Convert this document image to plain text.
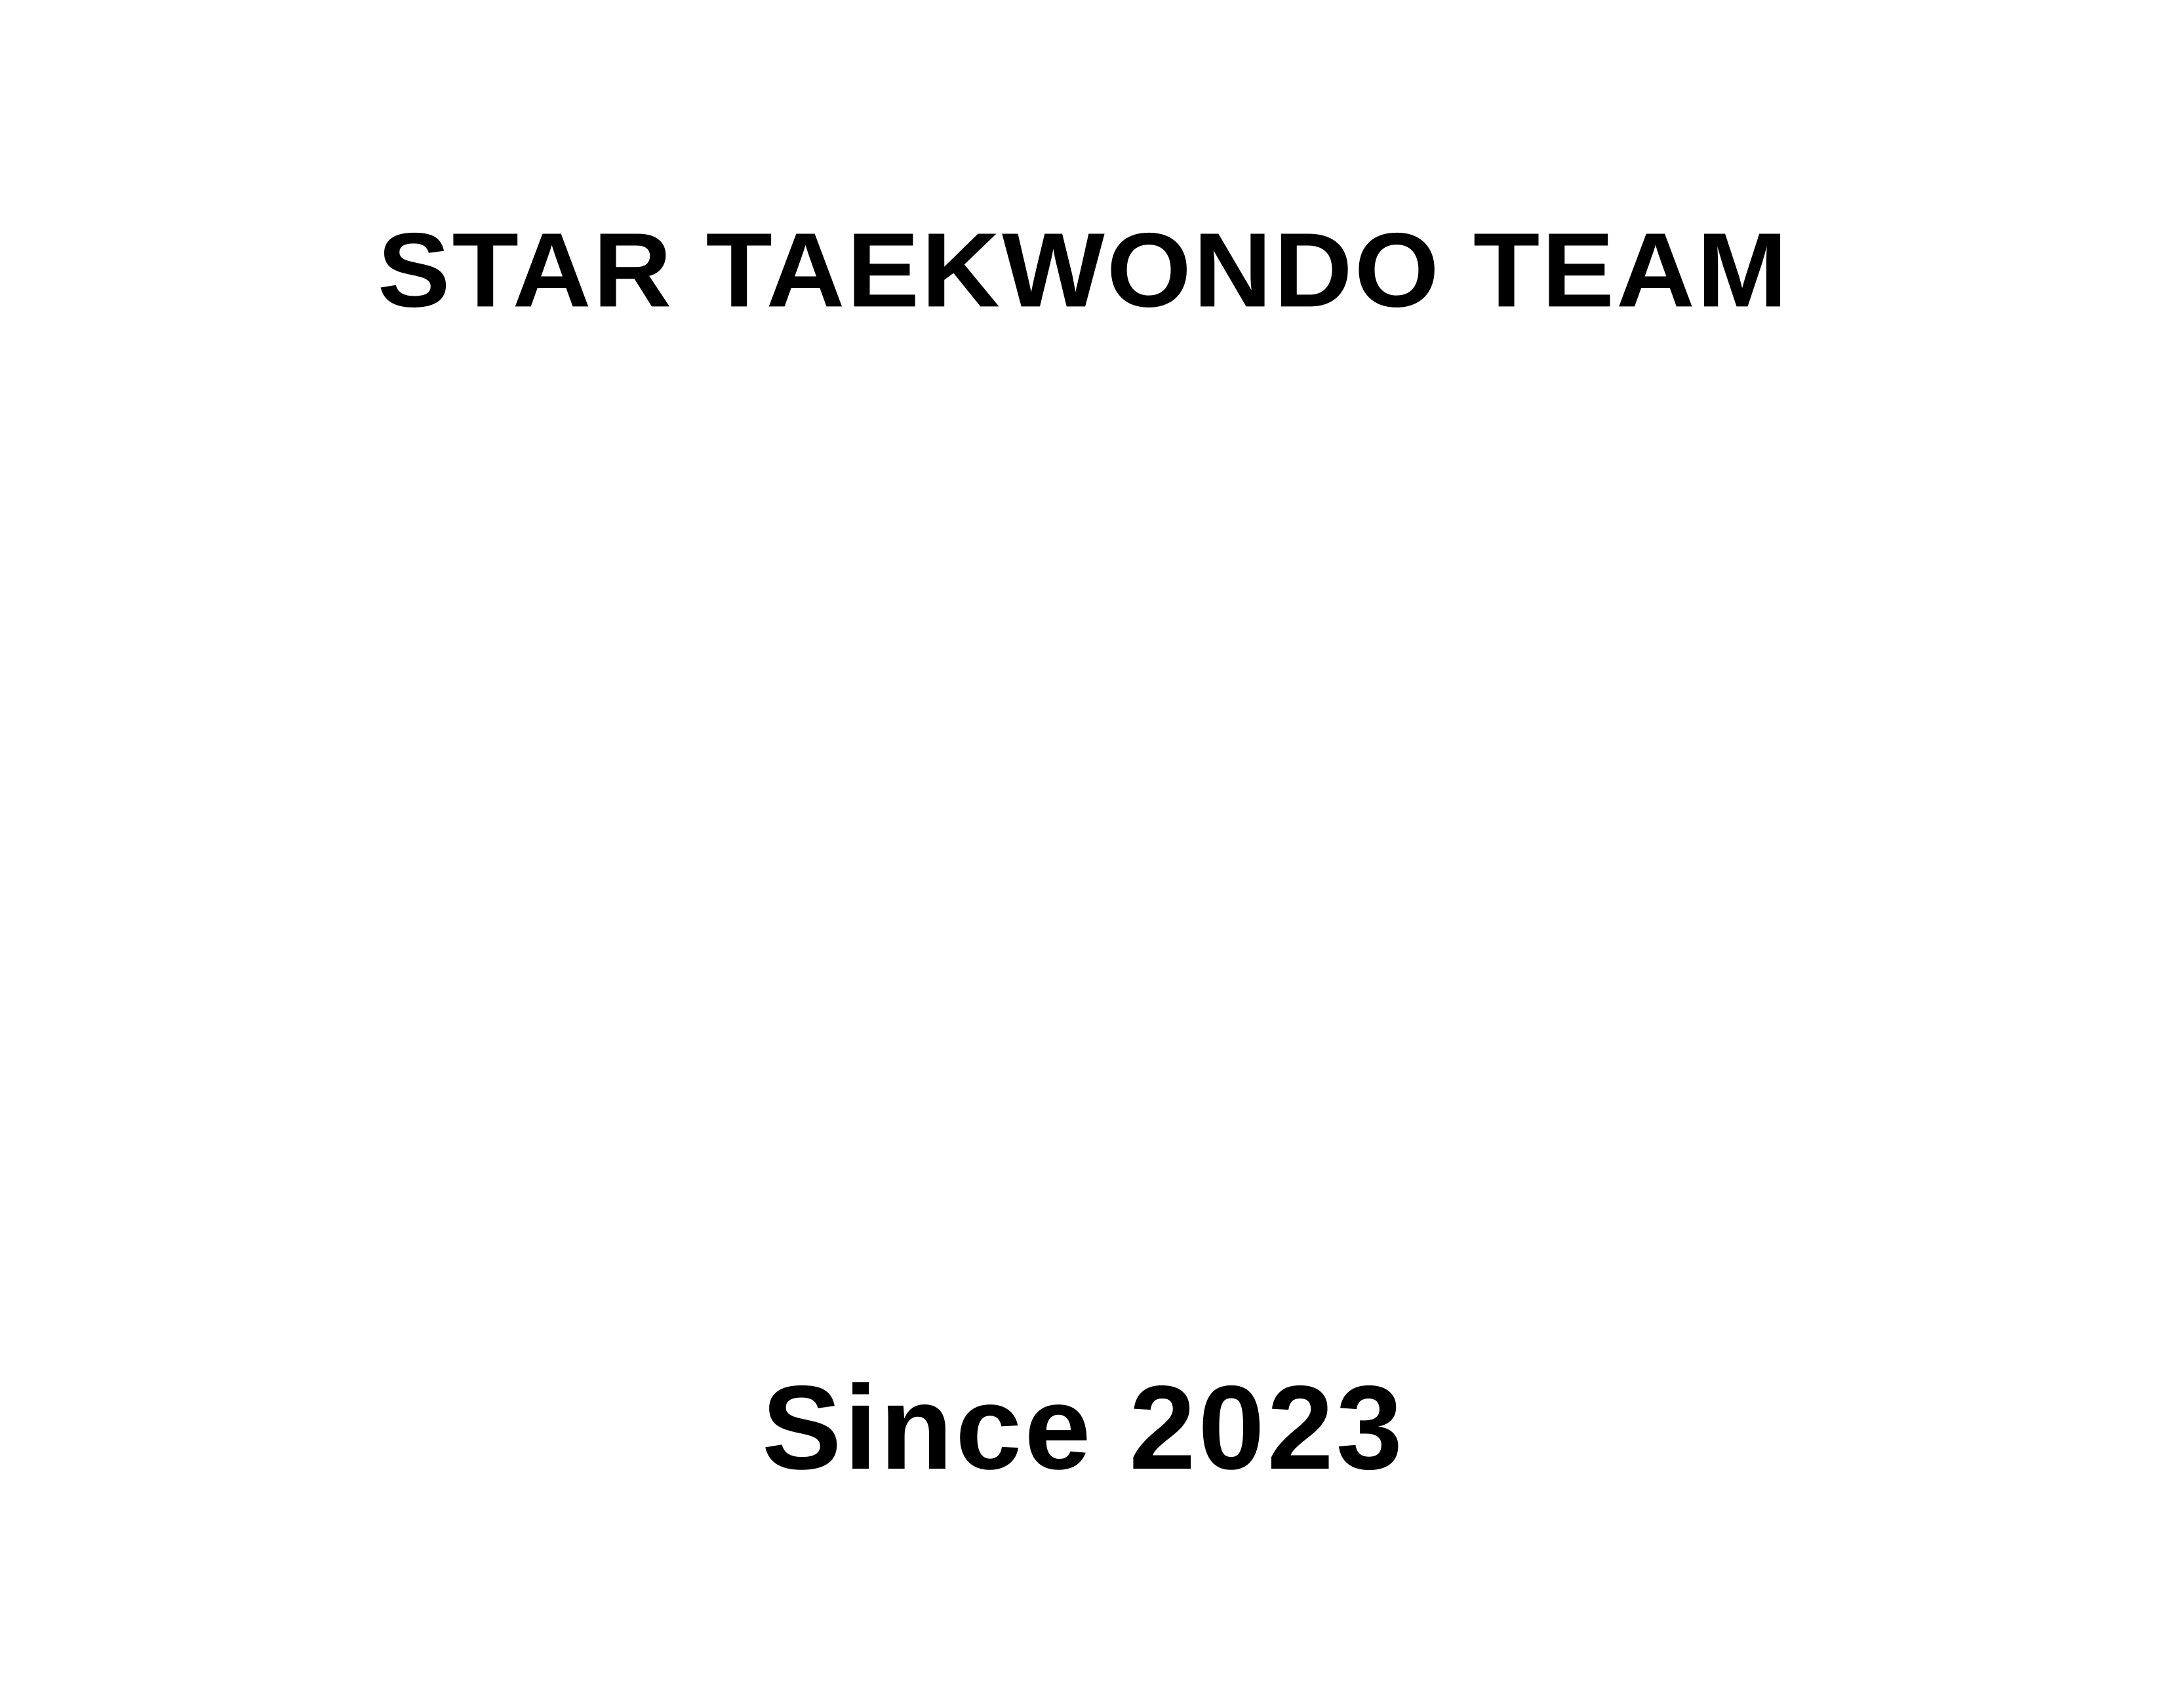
STAR TAEKWONDO TEAM
Since 2023
